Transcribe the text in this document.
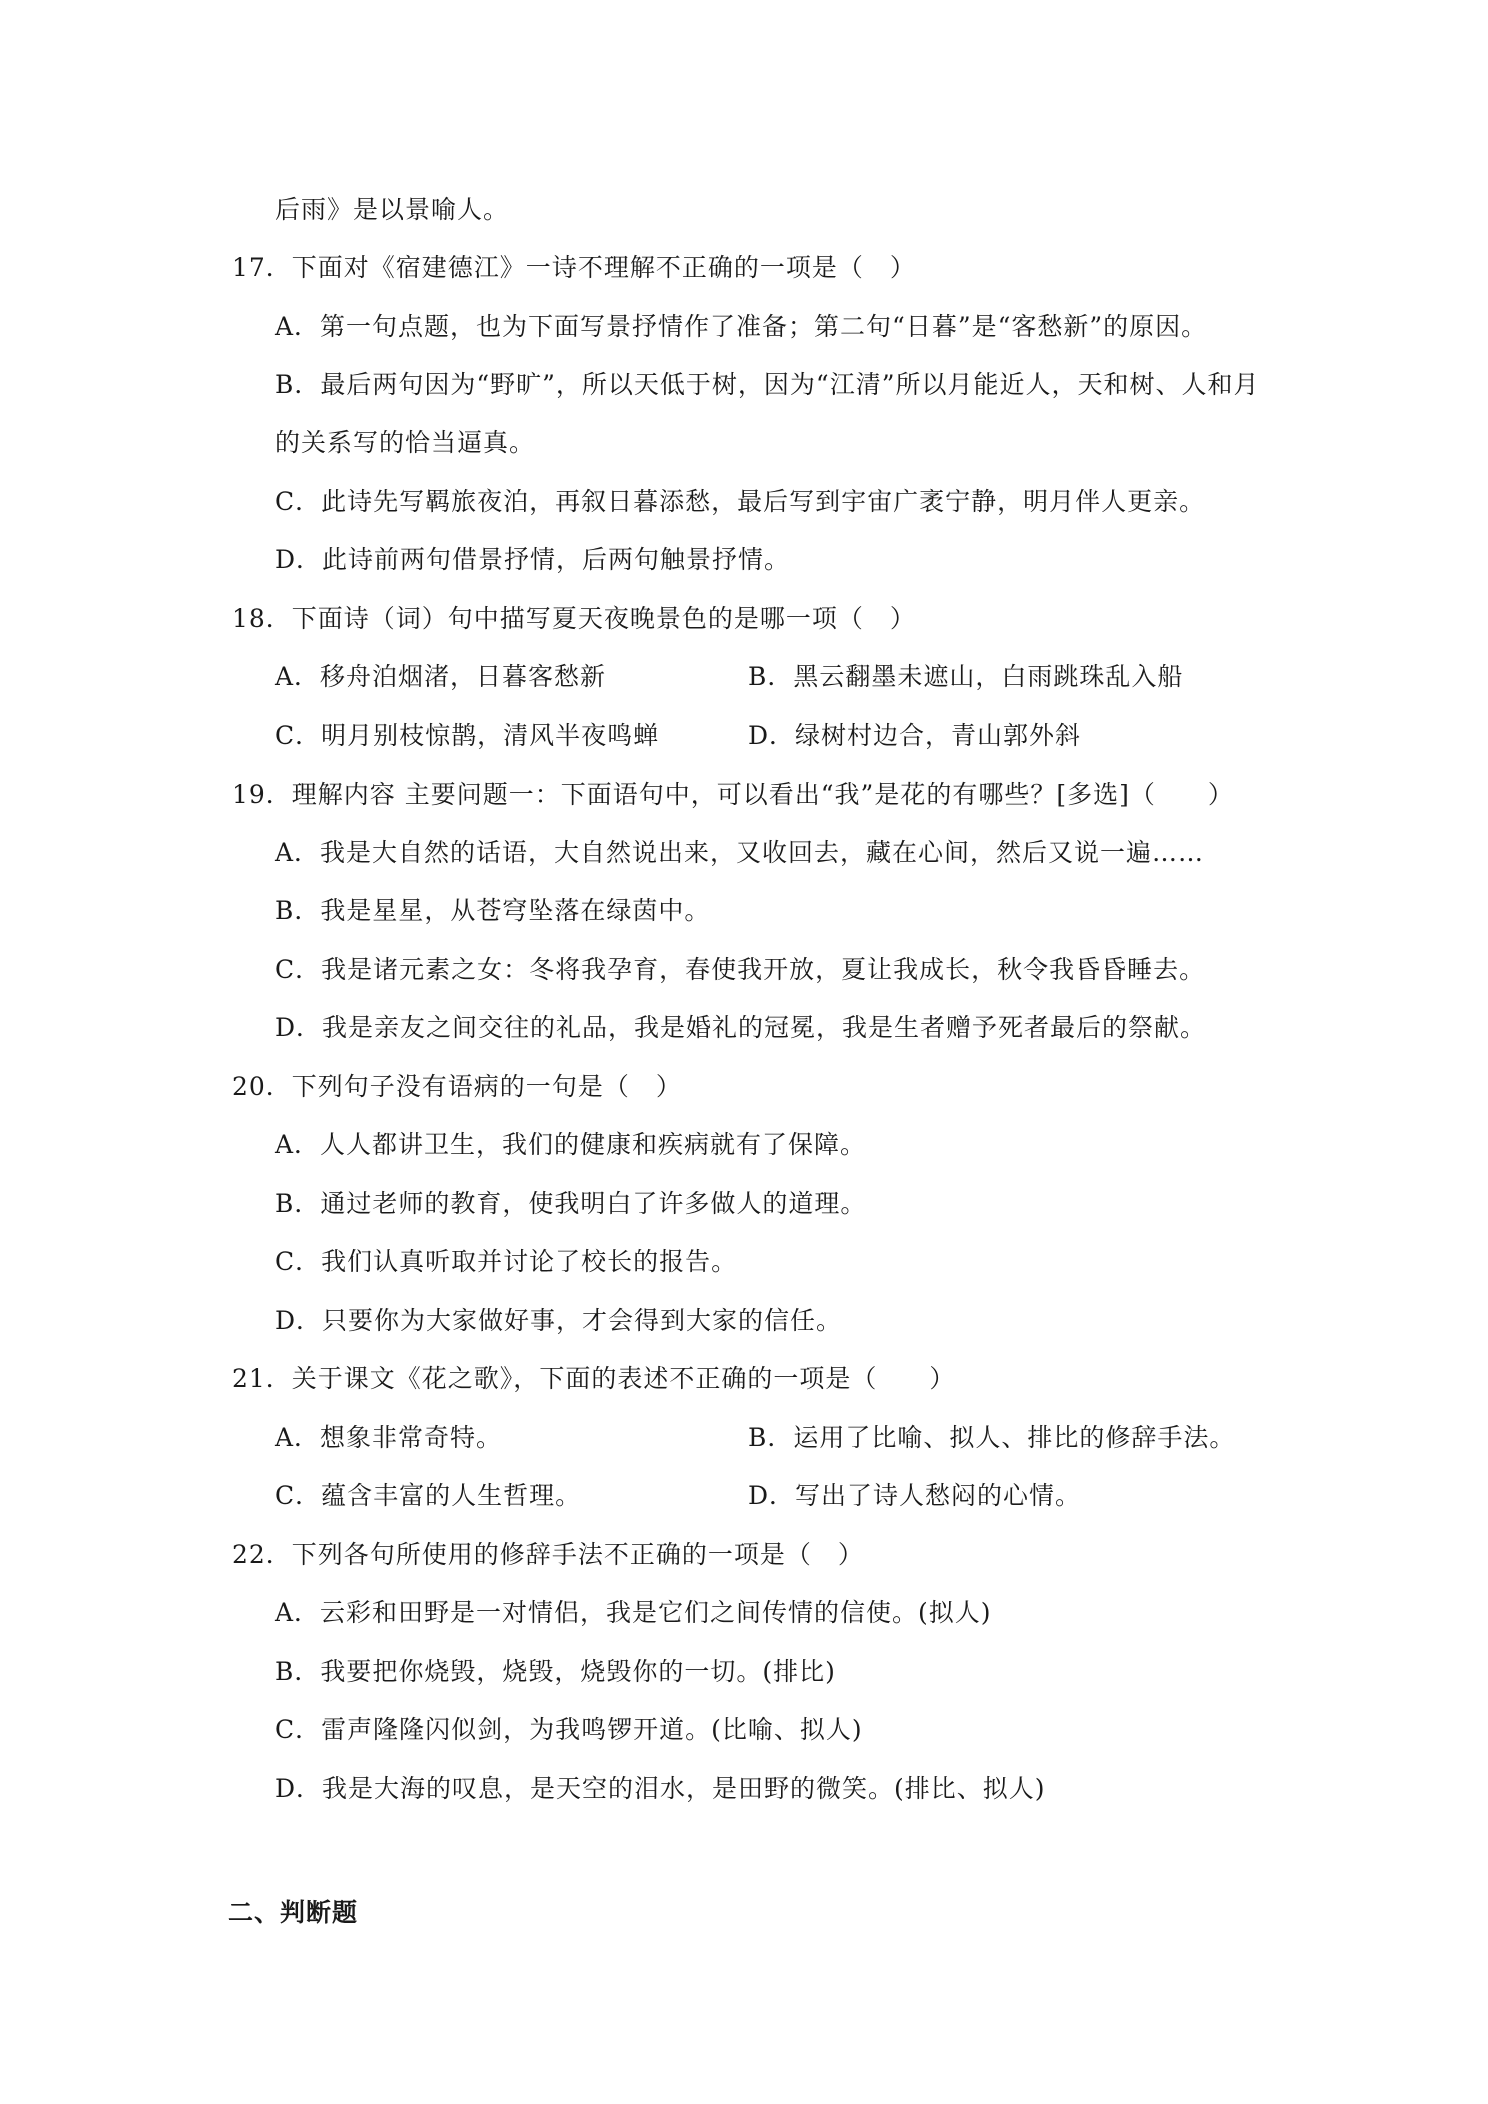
后雨》是以景喻人。
17．下面对《宿建德江》一诗不理解不正确的一项是（　）
A．第一句点题，也为下面写景抒情作了准备；第二句“日暮”是“客愁新”的原因。
B．最后两句因为“野旷”，所以天低于树，因为“江清”所以月能近人，天和树、人和月
的关系写的恰当逼真。
C．此诗先写羁旅夜泊，再叙日暮添愁，最后写到宇宙广袤宁静，明月伴人更亲。
D．此诗前两句借景抒情，后两句触景抒情。
18．下面诗（词）句中描写夏天夜晚景色的是哪一项（　）
A．移舟泊烟渚，日暮客愁新	B．黑云翻墨未遮山，白雨跳珠乱入船
C．明月别枝惊鹊，清风半夜鸣蝉	D．绿树村边合，青山郭外斜
19．理解内容 主要问题一：下面语句中，可以看出“我”是花的有哪些？[多选]（　　）
A．我是大自然的话语，大自然说出来，又收回去，藏在心间，然后又说一遍……
B．我是星星，从苍穹坠落在绿茵中。
C．我是诸元素之女：冬将我孕育，春使我开放，夏让我成长，秋令我昏昏睡去。
D．我是亲友之间交往的礼品，我是婚礼的冠冕，我是生者赠予死者最后的祭献。
20．下列句子没有语病的一句是（　）
A．人人都讲卫生，我们的健康和疾病就有了保障。
B．通过老师的教育，使我明白了许多做人的道理。
C．我们认真听取并讨论了校长的报告。
D．只要你为大家做好事，才会得到大家的信任。
21．关于课文《花之歌》，下面的表述不正确的一项是（　　）
A．想象非常奇特。	B．运用了比喻、拟人、排比的修辞手法。
C．蕴含丰富的人生哲理。	D．写出了诗人愁闷的心情。
22．下列各句所使用的修辞手法不正确的一项是（　）
A．云彩和田野是一对情侣，我是它们之间传情的信使。(拟人)
B．我要把你烧毁，烧毁，烧毁你的一切。(排比)
C．雷声隆隆闪似剑，为我鸣锣开道。(比喻、拟人)
D．我是大海的叹息，是天空的泪水，是田野的微笑。(排比、拟人)
二、判断题
